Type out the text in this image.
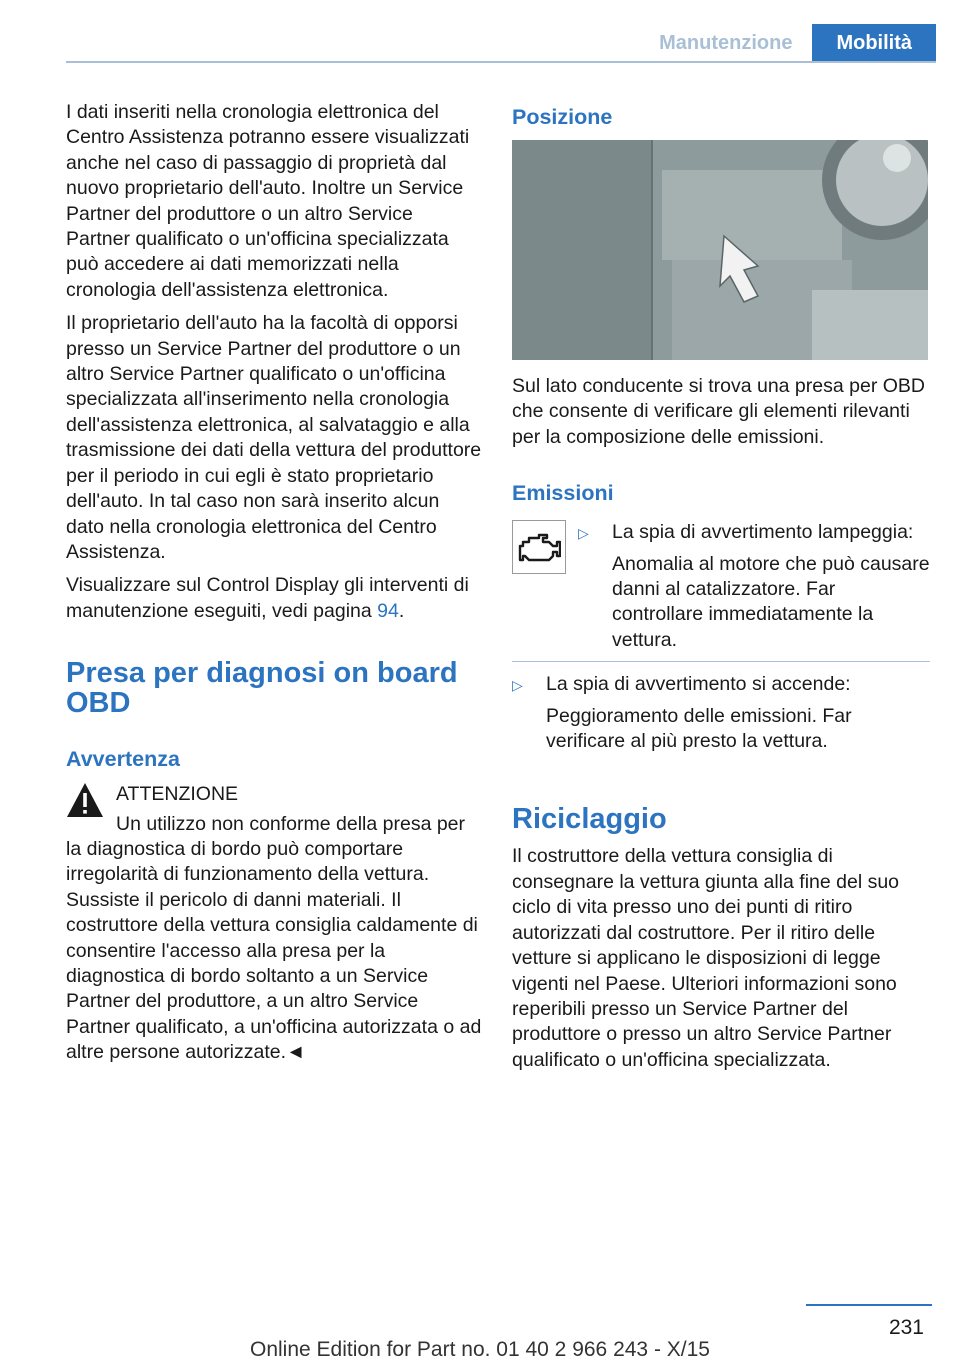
Manutenzione	Mobilità

I dati inseriti nella cronologia elettronica del Centro Assistenza potranno essere visualizzati anche nel caso di passaggio di proprietà dal nuovo proprietario dell'auto. Inoltre un Service Partner del produttore o un altro Service Partner qualificato o un'officina specializzata può accedere ai dati memorizzati nella cronologia dell'assistenza elettronica.

Il proprietario dell'auto ha la facoltà di opporsi presso un Service Partner del produttore o un altro Service Partner qualificato o un'officina specializzata all'inserimento nella cronologia dell'assistenza elettronica, al salvataggio e alla trasmissione dei dati della vettura del produttore per il periodo in cui egli è stato proprietario dell'auto. In tal caso non sarà inserito alcun dato nella cronologia elettronica del Centro Assistenza.

Visualizzare sul Control Display gli interventi di manutenzione eseguiti, vedi pagina 94.

Presa per diagnosi on board OBD
Avvertenza

ATTENZIONE

Un utilizzo non conforme della presa per la diagnostica di bordo può comportare irregolarità di funzionamento della vettura. Sussiste il pericolo di danni materiali. Il costruttore della vettura consiglia caldamente di consentire l'accesso alla presa per la diagnostica di bordo soltanto a un Service Partner del produttore, a un altro Service Partner qualificato, a un'officina autorizzata o ad altre persone autorizzate.◄

Posizione

Sul lato conducente si trova una presa per OBD che consente di verificare gli elementi rilevanti per la composizione delle emissioni.

Emissioni
▷ La spia di avvertimento lampeggia:

Anomalia al motore che può causare danni al catalizzatore. Far controllare immediatamente la vettura.

▷ La spia di avvertimento si accende:

Peggioramento delle emissioni. Far verificare al più presto la vettura.

Riciclaggio

Il costruttore della vettura consiglia di consegnare la vettura giunta alla fine del suo ciclo di vita presso uno dei punti di ritiro autorizzati dal costruttore. Per il ritiro delle vetture si applicano le disposizioni di legge vigenti nel Paese. Ulteriori informazioni sono reperibili presso un Service Partner del produttore o presso un altro Service Partner qualificato o un'officina specializzata.

231
Online Edition for Part no. 01 40 2 966 243 - X/15
